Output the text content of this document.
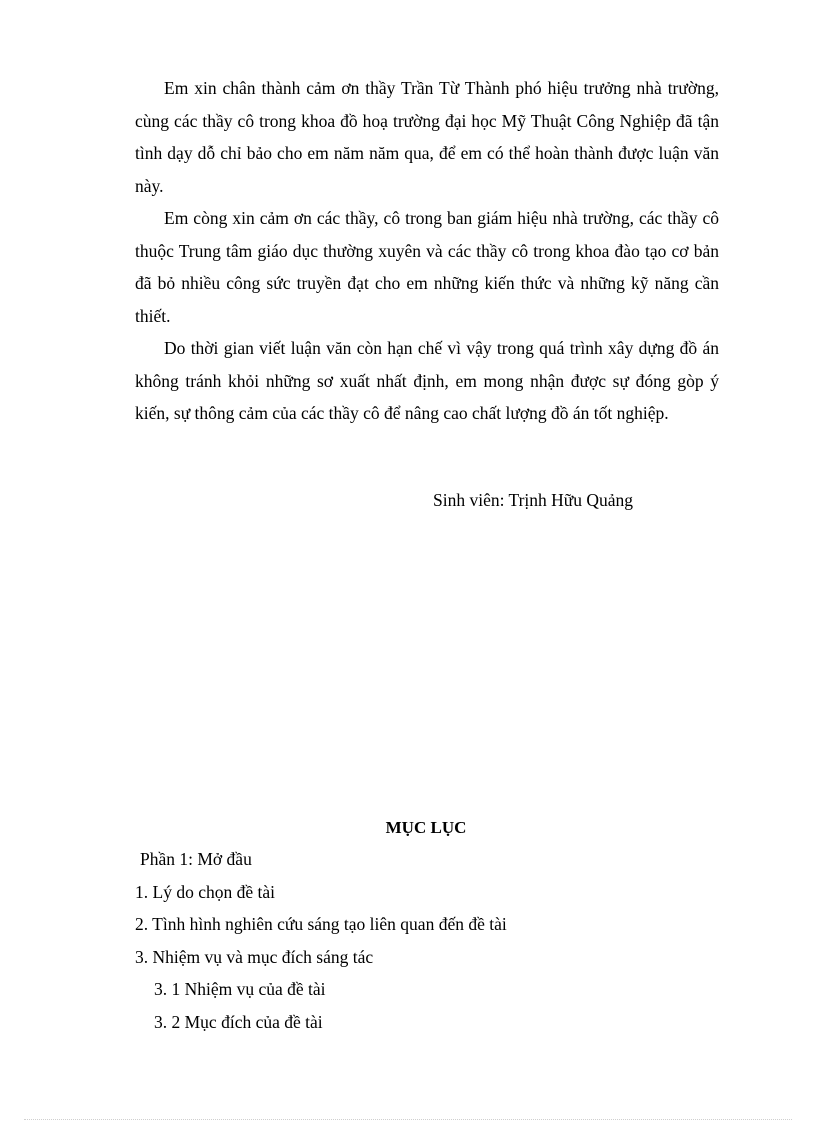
Em xin chân thành cảm ơn thầy Trần Từ Thành phó hiệu trưởng nhà trường, cùng các thầy cô trong khoa đồ hoạ trường đại học Mỹ Thuật Công Nghiệp đã tận tình dạy dỗ chỉ bảo cho em năm năm qua, để em có thể hoàn thành được luận văn này.

Em còng xin cảm ơn các thầy, cô trong ban giám hiệu nhà trường, các thầy cô thuộc Trung tâm giáo dục thường xuyên và các thầy cô trong khoa đào tạo cơ bản đã bỏ nhiều công sức truyền đạt cho em những kiến thức và những kỹ năng cần thiết.

Do thời gian viết luận văn còn hạn chế vì vậy trong quá trình xây dựng đồ án không tránh khỏi những sơ xuất nhất định, em mong nhận được sự đóng gòp ý kiến, sự thông cảm của các thầy cô để nâng cao chất lượng đồ án tốt nghiệp.

Sinh viên: Trịnh Hữu Quảng
MỤC LỤC
Phần 1: Mở đầu
1. Lý do chọn đề tài
2. Tình hình nghiên cứu sáng tạo liên quan đến đề tài
3. Nhiệm vụ và mục đích sáng tác
3. 1 Nhiệm vụ của đề tài
3. 2 Mục đích của đề tài
